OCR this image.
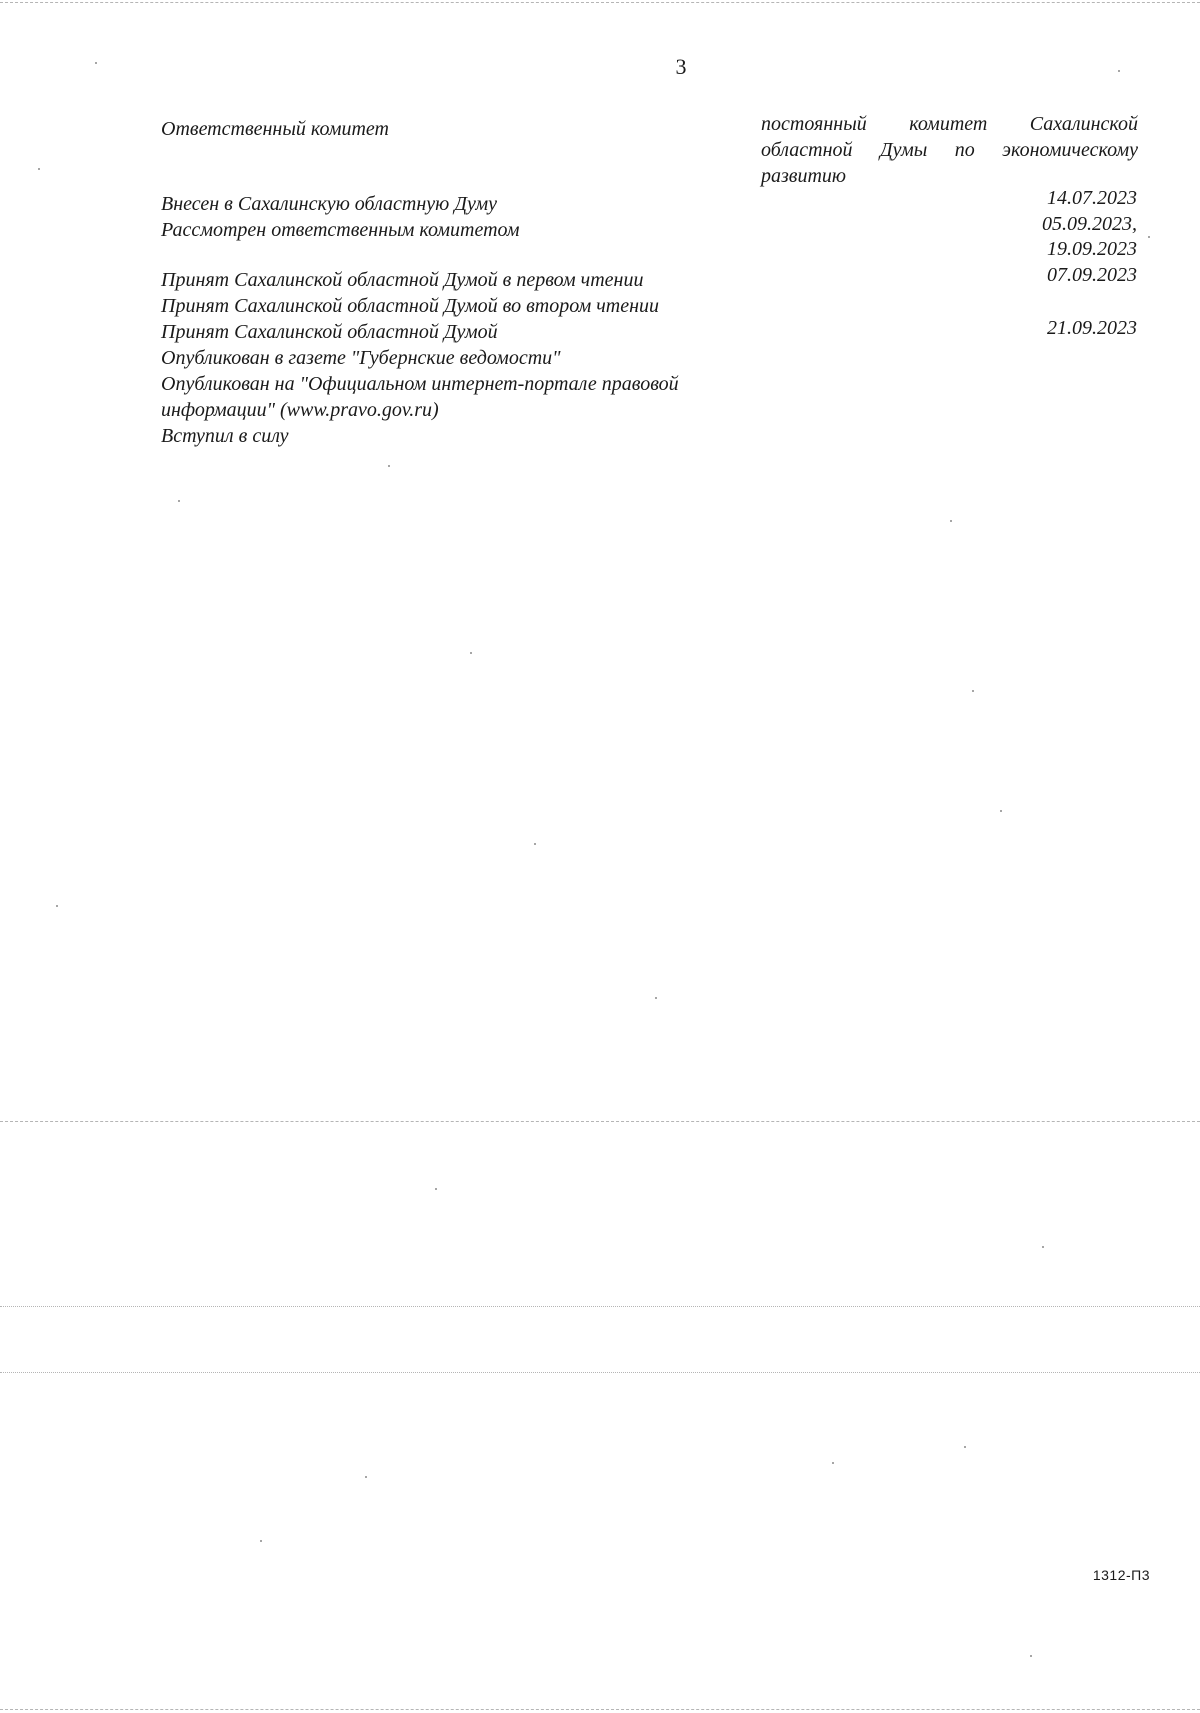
3
Ответственный комитет
Внесен в Сахалинскую областную Думу
Рассмотрен ответственным комитетом
Принят Сахалинской областной Думой в первом чтении
Принят Сахалинской областной Думой во втором чтении
Принят Сахалинской областной Думой
Опубликован в газете "Губернские ведомости"
Опубликован на "Официальном интернет-портале правовой
информации" (www.pravo.gov.ru)
Вступил в силу
постоянный комитет Сахалинской областной Думы по экономическому развитию
14.07.2023
05.09.2023,
19.09.2023
07.09.2023
21.09.2023
1312-П3
